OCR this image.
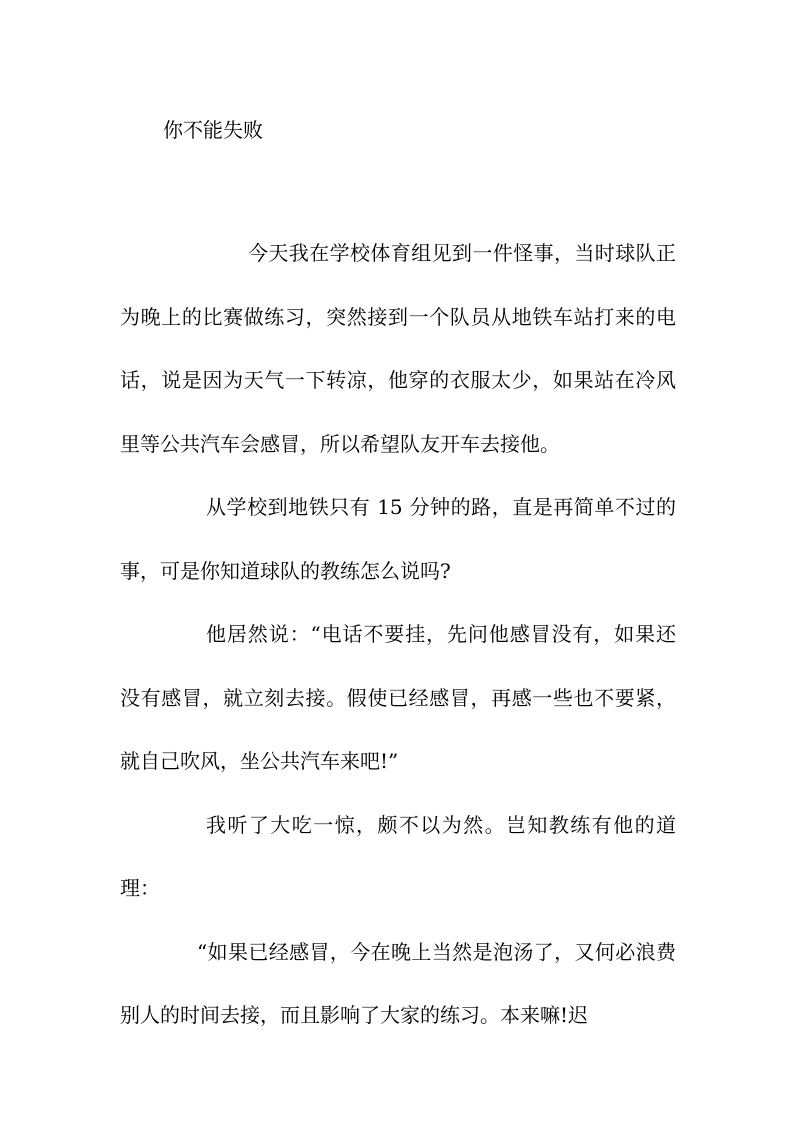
你不能失败

今天我在学校体育组见到一件怪事，当时球队正为晚上的比赛做练习，突然接到一个队员从地铁车站打来的电话，说是因为天气一下转凉，他穿的衣服太少，如果站在冷风里等公共汽车会感冒，所以希望队友开车去接他。

从学校到地铁只有 15 分钟的路，直是再简单不过的事，可是你知道球队的教练怎么说吗?

他居然说：“电话不要挂，先问他感冒没有，如果还没有感冒，就立刻去接。假使已经感冒，再感一些也不要紧，就自己吹风，坐公共汽车来吧!”

我听了大吃一惊，颇不以为然。岂知教练有他的道理：

“如果已经感冒，今在晚上当然是泡汤了，又何必浪费别人的时间去接，而且影响了大家的练习。本来嘛!迟
